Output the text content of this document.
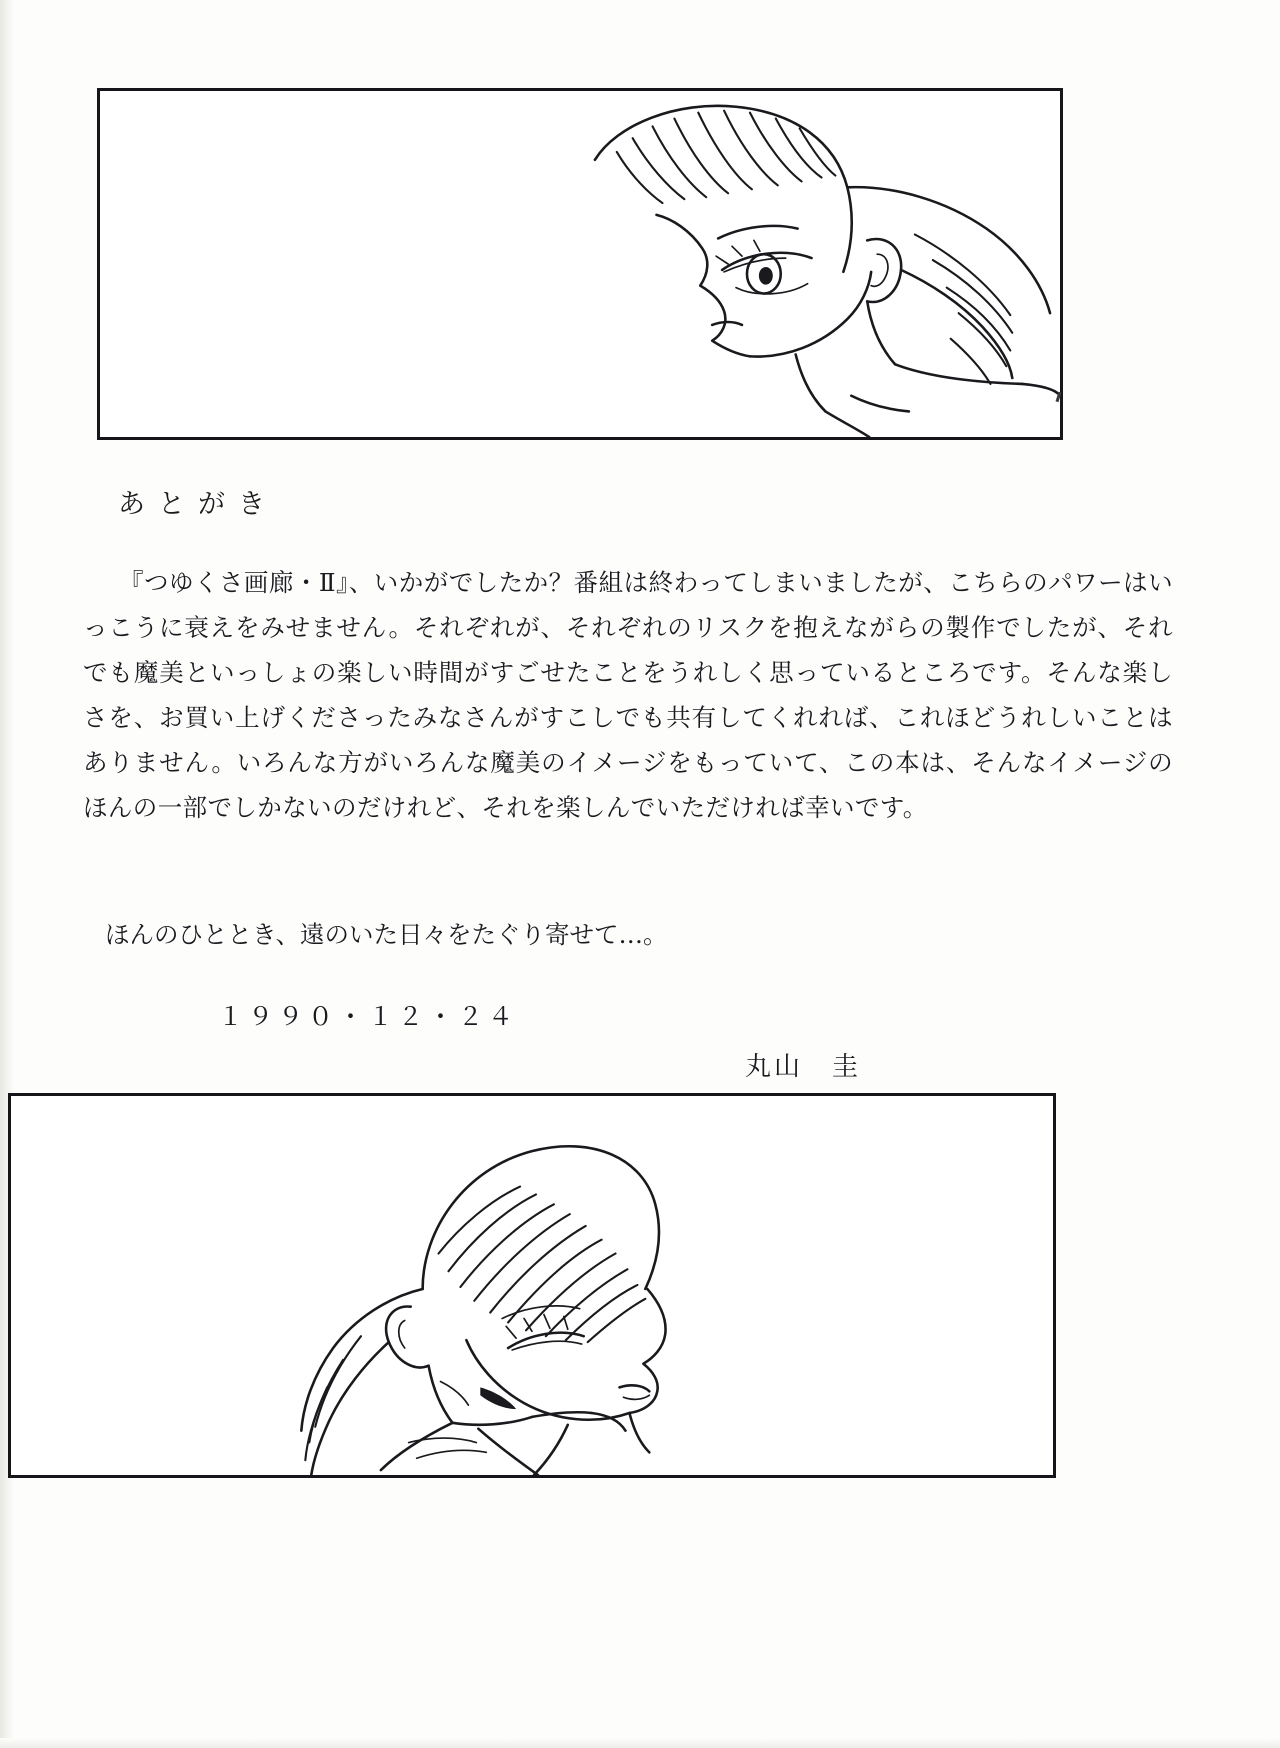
あとがき
『つゆくさ画廊・Ⅱ』、いかがでしたか？番組は終わってしまいましたが、こちらのパワーはいっこうに衰えをみせません。それぞれが、それぞれのリスクを抱えながらの製作でしたが、それでも魔美といっしょの楽しい時間がすごせたことをうれしく思っているところです。そんな楽しさを、お買い上げくださったみなさんがすこしでも共有してくれれば、これほどうれしいことはありません。いろんな方がいろんな魔美のイメージをもっていて、この本は、そんなイメージのほんの一部でしかないのだけれど、それを楽しんでいただければ幸いです。
ほんのひととき、遠のいた日々をたぐり寄せて…。
１９９０・１２・２４
丸山　圭
